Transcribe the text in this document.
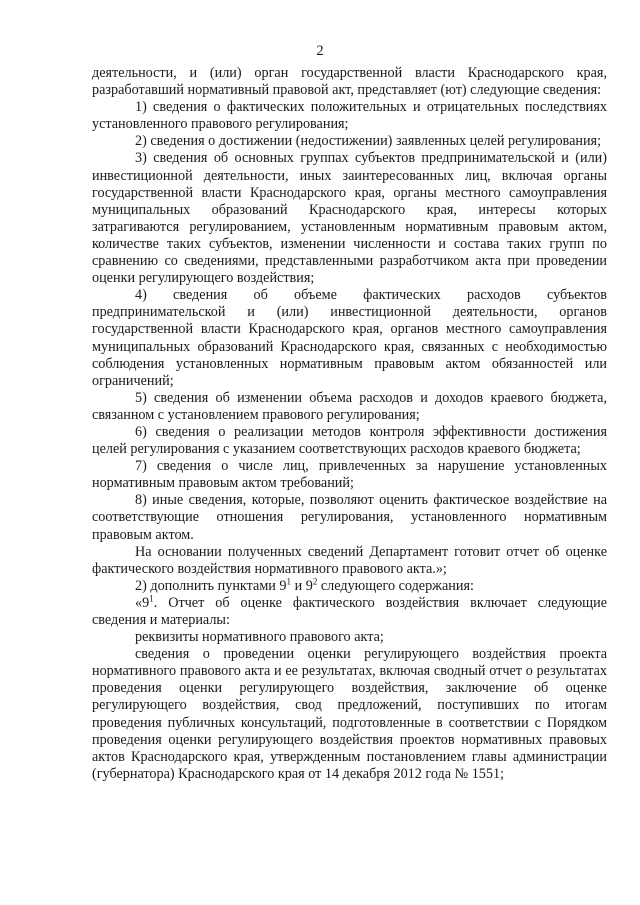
2

деятельности, и (или) орган государственной власти Краснодарского края, разработавший нормативный правовой акт, представляет (ют) следующие сведения:

1) сведения о фактических положительных и отрицательных последствиях установленного правового регулирования;

2) сведения о достижении (недостижении) заявленных целей регулирования;

3) сведения об основных группах субъектов предпринимательской и (или) инвестиционной деятельности, иных заинтересованных лиц, включая органы государственной власти Краснодарского края, органы местного самоуправления муниципальных образований Краснодарского края, интересы которых затрагиваются регулированием, установленным нормативным правовым актом, количестве таких субъектов, изменении численности и состава таких групп по сравнению со сведениями, представленными разработчиком акта при проведении оценки регулирующего воздействия;

4) сведения об объеме фактических расходов субъектов предпринимательской и (или) инвестиционной деятельности, органов государственной власти Краснодарского края, органов местного самоуправления муниципальных образований Краснодарского края, связанных с необходимостью соблюдения установленных нормативным правовым актом обязанностей или ограничений;

5) сведения об изменении объема расходов и доходов краевого бюджета, связанном с установлением правового регулирования;

6) сведения о реализации методов контроля эффективности достижения целей регулирования с указанием соответствующих расходов краевого бюджета;

7) сведения о числе лиц, привлеченных за нарушение установленных нормативным правовым актом требований;

8) иные сведения, которые, позволяют оценить фактическое воздействие на соответствующие отношения регулирования, установленного нормативным правовым актом.

На основании полученных сведений Департамент готовит отчет об оценке фактического воздействия нормативного правового акта.»;

2) дополнить пунктами $9^1$ и $9^2$ следующего содержания:

«$9^1$. Отчет об оценке фактического воздействия включает следующие сведения и материалы:

реквизиты нормативного правового акта;

сведения о проведении оценки регулирующего воздействия проекта нормативного правового акта и ее результатах, включая сводный отчет о результатах проведения оценки регулирующего воздействия, заключение об оценке регулирующего воздействия, свод предложений, поступивших по итогам проведения публичных консультаций, подготовленные в соответствии с Порядком проведения оценки регулирующего воздействия проектов нормативных правовых актов Краснодарского края, утвержденным постановлением главы администрации (губернатора) Краснодарского края от 14 декабря 2012 года № 1551;
